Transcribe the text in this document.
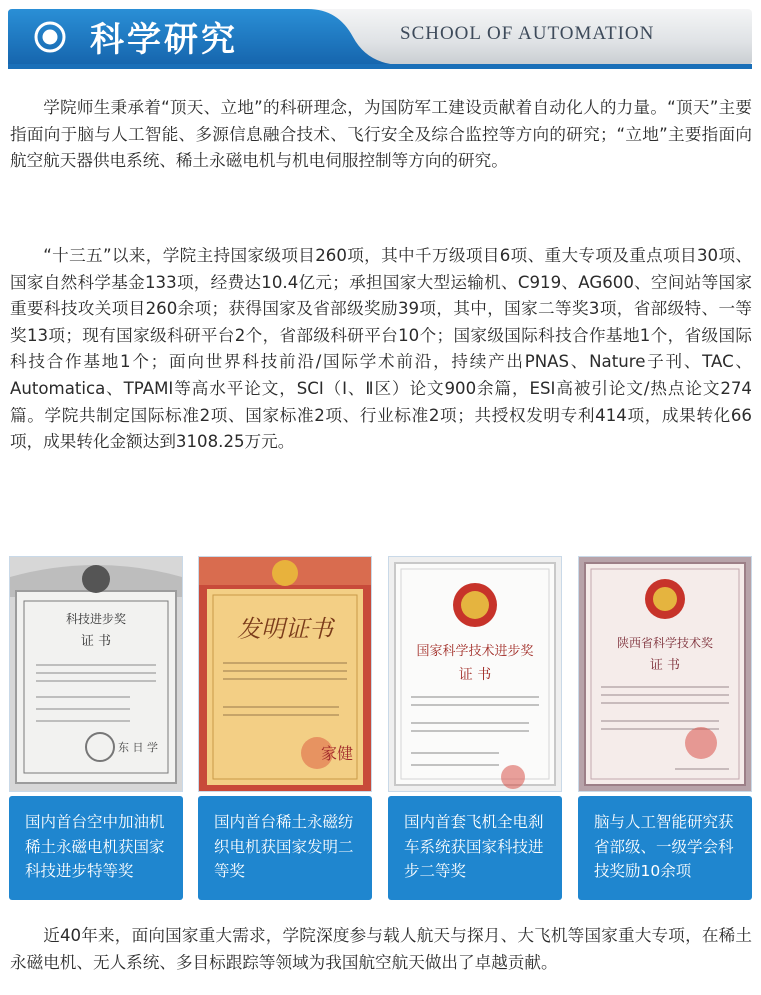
科学研究	SCHOOL OF AUTOMATION

学院师生秉承着“顶天、立地”的科研理念，为国防军工建设贡献着自动化人的力量。“顶天”主要指面向于脑与人工智能、多源信息融合技术、飞行安全及综合监控等方向的研究；“立地”主要指面向航空航天器供电系统、稀土永磁电机与机电伺服控制等方向的研究。

“十三五”以来，学院主持国家级项目260项，其中千万级项目6项、重大专项及重点项目30项、国家自然科学基金133项，经费达10.4亿元；承担国家大型运输机、C919、AG600、空间站等国家重要科技攻关项目260余项；获得国家及省部级奖励39项，其中，国家二等奖3项，省部级特、一等奖13项；现有国家级科研平台2个，省部级科研平台10个；国家级国际科技合作基地1个，省级国际科技合作基地1个；面向世界科技前沿/国际学术前沿，持续产出PNAS、Nature子刊、TAC、Automatica、TPAMI等高水平论文，SCI（Ⅰ、Ⅱ区）论文900余篇，ESI高被引论文/热点论文274篇。学院共制定国际标准2项、国家标准2项、行业标准2项；共授权发明专利414项，成果转化66项，成果转化金额达到3108.25万元。

科技进步奖
证 书
东 日 学
国内首台空中加油机稀土永磁电机获国家科技进步特等奖
发明证书
家健
国内首台稀土永磁纺织电机获国家发明二等奖
国家科学技术进步奖
证 书
国内首套飞机全电刹车系统获国家科技进步二等奖
陕西省科学技术奖
证 书
脑与人工智能研究获省部级、一级学会科技奖励10余项

近40年来，面向国家重大需求，学院深度参与载人航天与探月、大飞机等国家重大专项，在稀土永磁电机、无人系统、多目标跟踪等领域为我国航空航天做出了卓越贡献。
